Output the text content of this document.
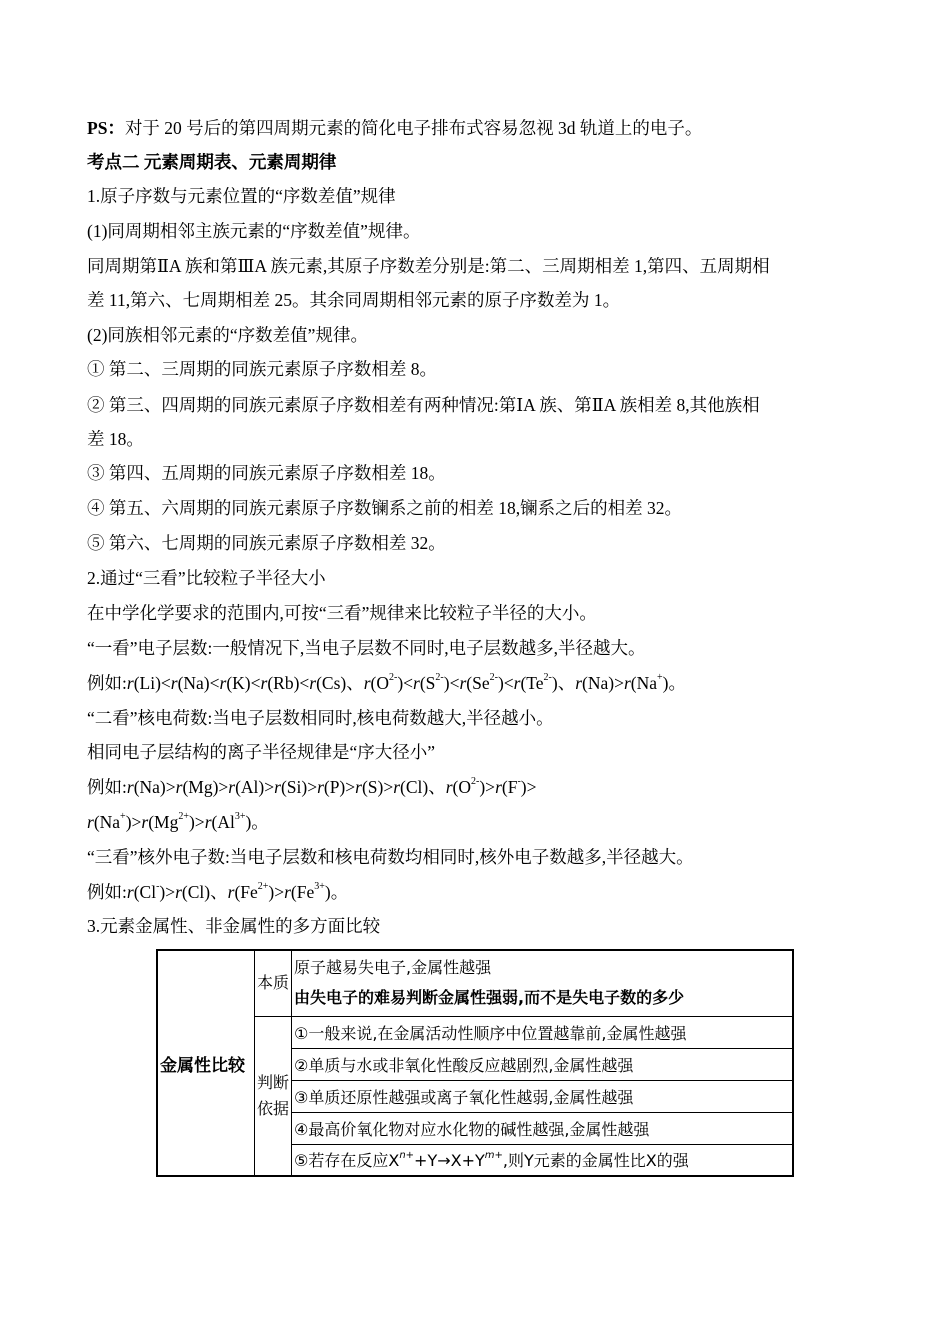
PS：对于 20 号后的第四周期元素的简化电子排布式容易忽视 3d 轨道上的电子。
考点二 元素周期表、元素周期律
1.原子序数与元素位置的“序数差值”规律
(1)同周期相邻主族元素的“序数差值”规律。
同周期第ⅡA 族和第ⅢA 族元素,其原子序数差分别是:第二、三周期相差 1,第四、五周期相
差 11,第六、七周期相差 25。其余同周期相邻元素的原子序数差为 1。
(2)同族相邻元素的“序数差值”规律。
① 第二、三周期的同族元素原子序数相差 8。
② 第三、四周期的同族元素原子序数相差有两种情况:第ⅠA 族、第ⅡA 族相差 8,其他族相
差 18。
③ 第四、五周期的同族元素原子序数相差 18。
④ 第五、六周期的同族元素原子序数镧系之前的相差 18,镧系之后的相差 32。
⑤ 第六、七周期的同族元素原子序数相差 32。
2.通过“三看”比较粒子半径大小
在中学化学要求的范围内,可按“三看”规律来比较粒子半径的大小。
“一看”电子层数:一般情况下,当电子层数不同时,电子层数越多,半径越大。
例如:r(Li)<r(Na)<r(K)<r(Rb)<r(Cs)、$r(O^{2-})<r(S^{2-})<r(Se^{2-})<r(Te^{2-})$、r(Na)>r(Na+)。
“二看”核电荷数:当电子层数相同时,核电荷数越大,半径越小。
相同电子层结构的离子半径规律是“序大径小”
例如:r(Na)>r(Mg)>r(Al)>r(Si)>r(P)>r(S)>r(Cl)、$r(O^{2-})>r(F^-)>$
$r(Na^+)>r(Mg^{2+})>r(Al^{3+})$。
“三看”核外电子数:当电子层数和核电荷数均相同时,核外电子数越多,半径越大。
例如:r(Cl-)>r(Cl)、$r(Fe^{2+})>r(Fe^{3+})$。
3.元素金属性、非金属性的多方面比较
金属性比较	本质	原子越易失电子,金属性越强
由失电子的难易判断金属性强弱,而不是失电子数的多少

	判断依据	①一般来说,在金属活动性顺序中位置越靠前,金属性越强
		②单质与水或非氧化性酸反应越剧烈,金属性越强
		③单质还原性越强或离子氧化性越弱,金属性越强
		④最高价氧化物对应水化物的碱性越强,金属性越强
		⑤若存在反应$X^{n+}+Y\to X+Y^{m+}$,则Y元素的金属性比X的强
